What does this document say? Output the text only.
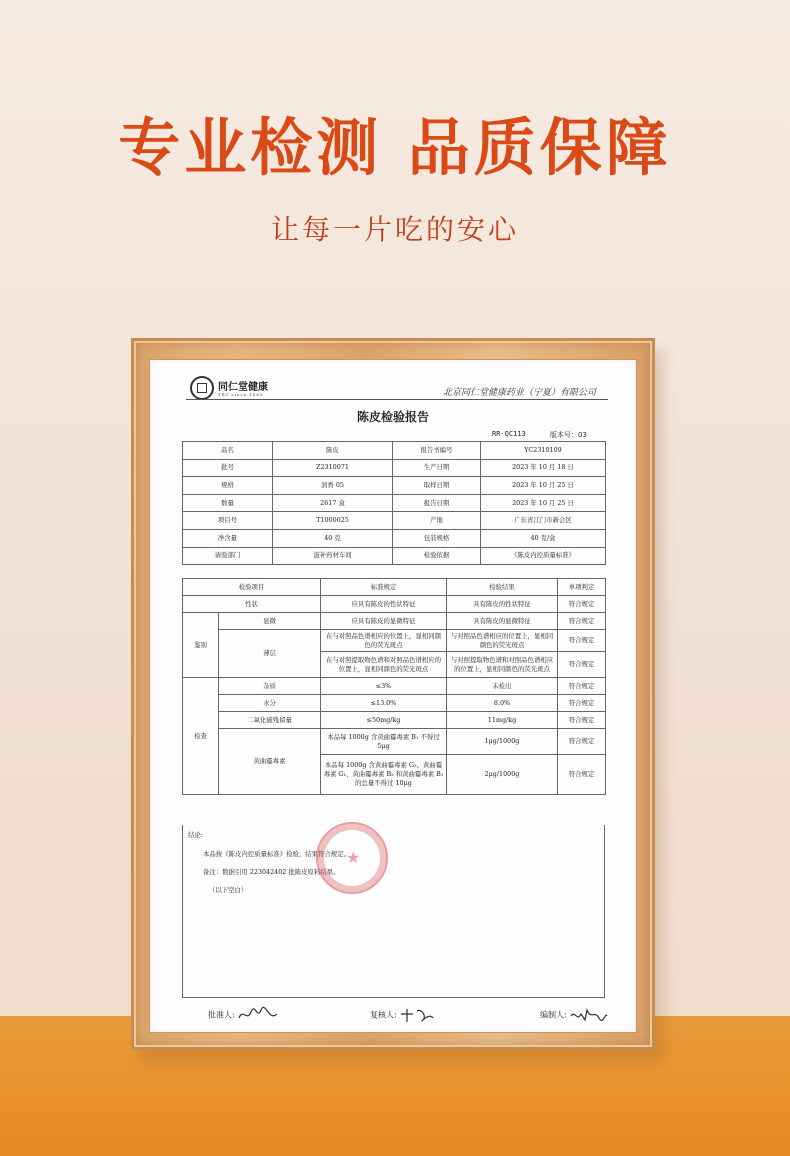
专业检测 品质保障
让每一片吃的安心
同仁堂健康
TRT since 1669	北京同仁堂健康药业（宁夏）有限公司
陈皮检验报告
RR-QC113	版本号：03
品名	陈皮	报告书编号	YC2310109
批号	Z2310071	生产日期	2023 年 10 月 18 日
规格	润香 05	取样日期	2023 年 10 月 25 日
数量	2617 盒	报告日期	2023 年 10 月 25 日
项目号	T1000025	产地	广东省江门市新会区
净含量	40 克	包装规格	40 克/盒
请验部门	滋补药材车间	检验依据	《陈皮内控质量标准》
检验项目		标准规定	检验结果	单项判定
性状		应具有陈皮的性状特征	具有陈皮的性状特征	符合规定
鉴别	显微	应具有陈皮的显微特征	具有陈皮的显微特征	符合规定
	薄层	在与对照品色谱相应的位置上，显相同颜色的荧光斑点	与对照品色谱相应的位置上，显相同颜色的荧光斑点	符合规定
		在与对照提取物色谱和对照品色谱相应的位置上，显相同颜色的荧光斑点	与对照提取物色谱和对照品色谱相应的位置上，显相同颜色的荧光斑点	符合规定

检查	杂质	≤3%	未检出	符合规定
	水分	≤13.0%	8.0%	符合规定
	二氧化硫残留量	≤50mg/kg	11mg/kg	符合规定
	黄曲霉毒素	本品每 1000g 含黄曲霉毒素 B₁ 不得过 5μg	1μg/1000g	符合规定
		本品每 1000g 含黄曲霉毒素 G₂、黄曲霉毒素 G₁、黄曲霉毒素 B₂ 和黄曲霉毒素 B₁ 的总量不得过 10μg	2μg/1000g	符合规定

结论:
本品按《陈皮内控质量标准》检验，结果符合规定。
备注：数据引用 223042402 批陈皮原料结果。
（以下空白）
★
批准人:	复核人:	编制人:
